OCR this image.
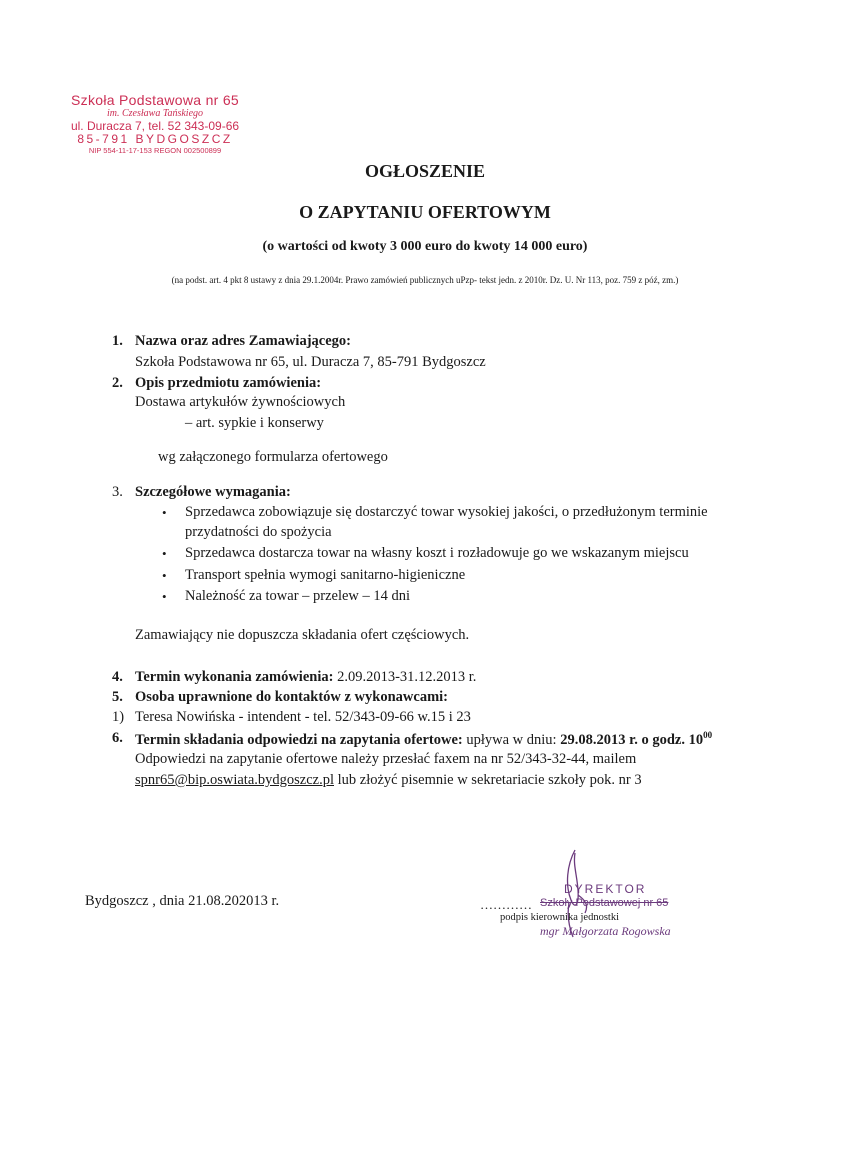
Szkoła Podstawowa nr 65
im. Czesława Tańskiego
ul. Duracza 7, tel. 52 343-09-66
85-791 BYDGOSZCZ
NIP 554-11-17-153 REGON 002500899
OGŁOSZENIE
O ZAPYTANIU OFERTOWYM
(o wartości od kwoty 3 000 euro do kwoty 14 000 euro)
(na podst. art. 4 pkt 8 ustawy z dnia 29.1.2004r. Prawo zamówień publicznych uPzp- tekst jedn. z 2010r. Dz. U. Nr 113, poz. 759 z póź, zm.)
1. Nazwa oraz adres Zamawiającego:
Szkoła Podstawowa nr 65, ul. Duracza 7, 85-791 Bydgoszcz
2. Opis przedmiotu zamówienia:
Dostawa artykułów żywnościowych
– art. sypkie i konserwy
wg załączonego formularza ofertowego
3. Szczegółowe wymagania:
• Sprzedawca zobowiązuje się dostarczyć towar wysokiej jakości, o przedłużonym terminie
przydatności do spożycia
• Sprzedawca dostarcza towar na własny koszt i rozładowuje go we wskazanym miejscu
• Transport spełnia wymogi sanitarno-higieniczne
• Należność za towar – przelew – 14 dni
Zamawiający nie dopuszcza składania ofert częściowych.
4. Termin wykonania zamówienia: 2.09.2013-31.12.2013 r.
5. Osoba uprawnione do kontaktów z wykonawcami:
1) Teresa Nowińska - intendent - tel. 52/343-09-66 w.15 i 23
6. Termin składania odpowiedzi na zapytania ofertowe: upływa w dniu: 29.08.2013 r. o godz. $10^{00}$
Odpowiedzi na zapytanie ofertowe należy przesłać faxem na nr 52/343-32-44, mailem
spnr65@bip.oswiata.bydgoszcz.pl lub złożyć pisemnie w sekretariacie szkoły pok. nr 3
Bydgoszcz , dnia 21.08.202013 r.
DYREKTOR
………… Szkoły Podstawowej nr 65
podpis kierownika jednostki
mgr Małgorzata Rogowska
